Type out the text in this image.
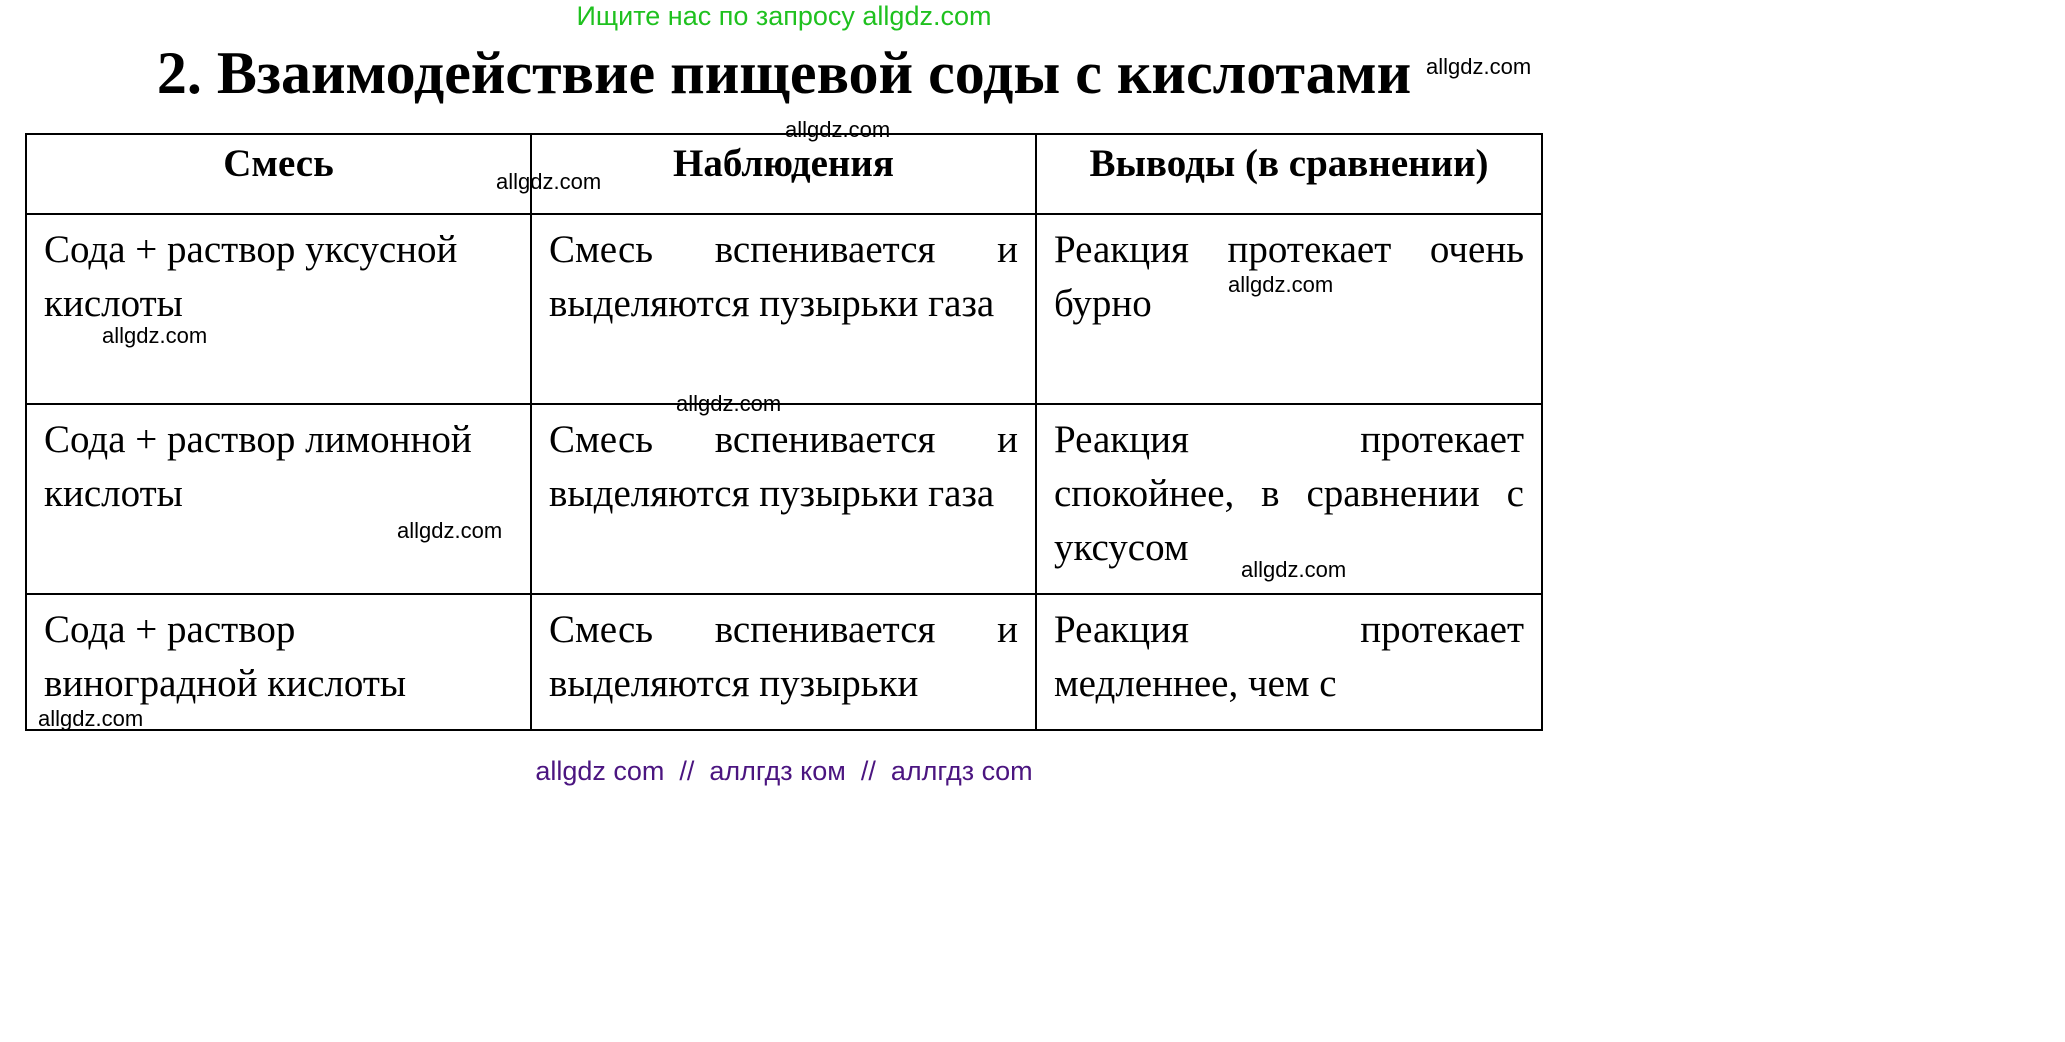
Ищите нас по запросу allgdz.com
2. Взаимодействие пищевой соды с кислотами
Смесь	Наблюдения	Выводы (в сравнении)
Сода + раствор уксусной кислоты	Смесь вспенивается и выделяются пузырьки газа	Реакция протекает очень бурно
Сода + раствор лимонной кислоты	Смесь вспенивается и выделяются пузырьки газа	Реакция протекает спокойнее, в сравнении с уксусом
Сода + раствор виноградной кислоты	Смесь вспенивается и выделяются пузырьки	Реакция протекает медленнее, чем с
allgdz.com
allgdz.com
allgdz.com
allgdz.com
allgdz.com
allgdz.com
allgdz.com
allgdz.com
allgdz.com
allgdz com  //  аллгдз ком  //  аллгдз com
